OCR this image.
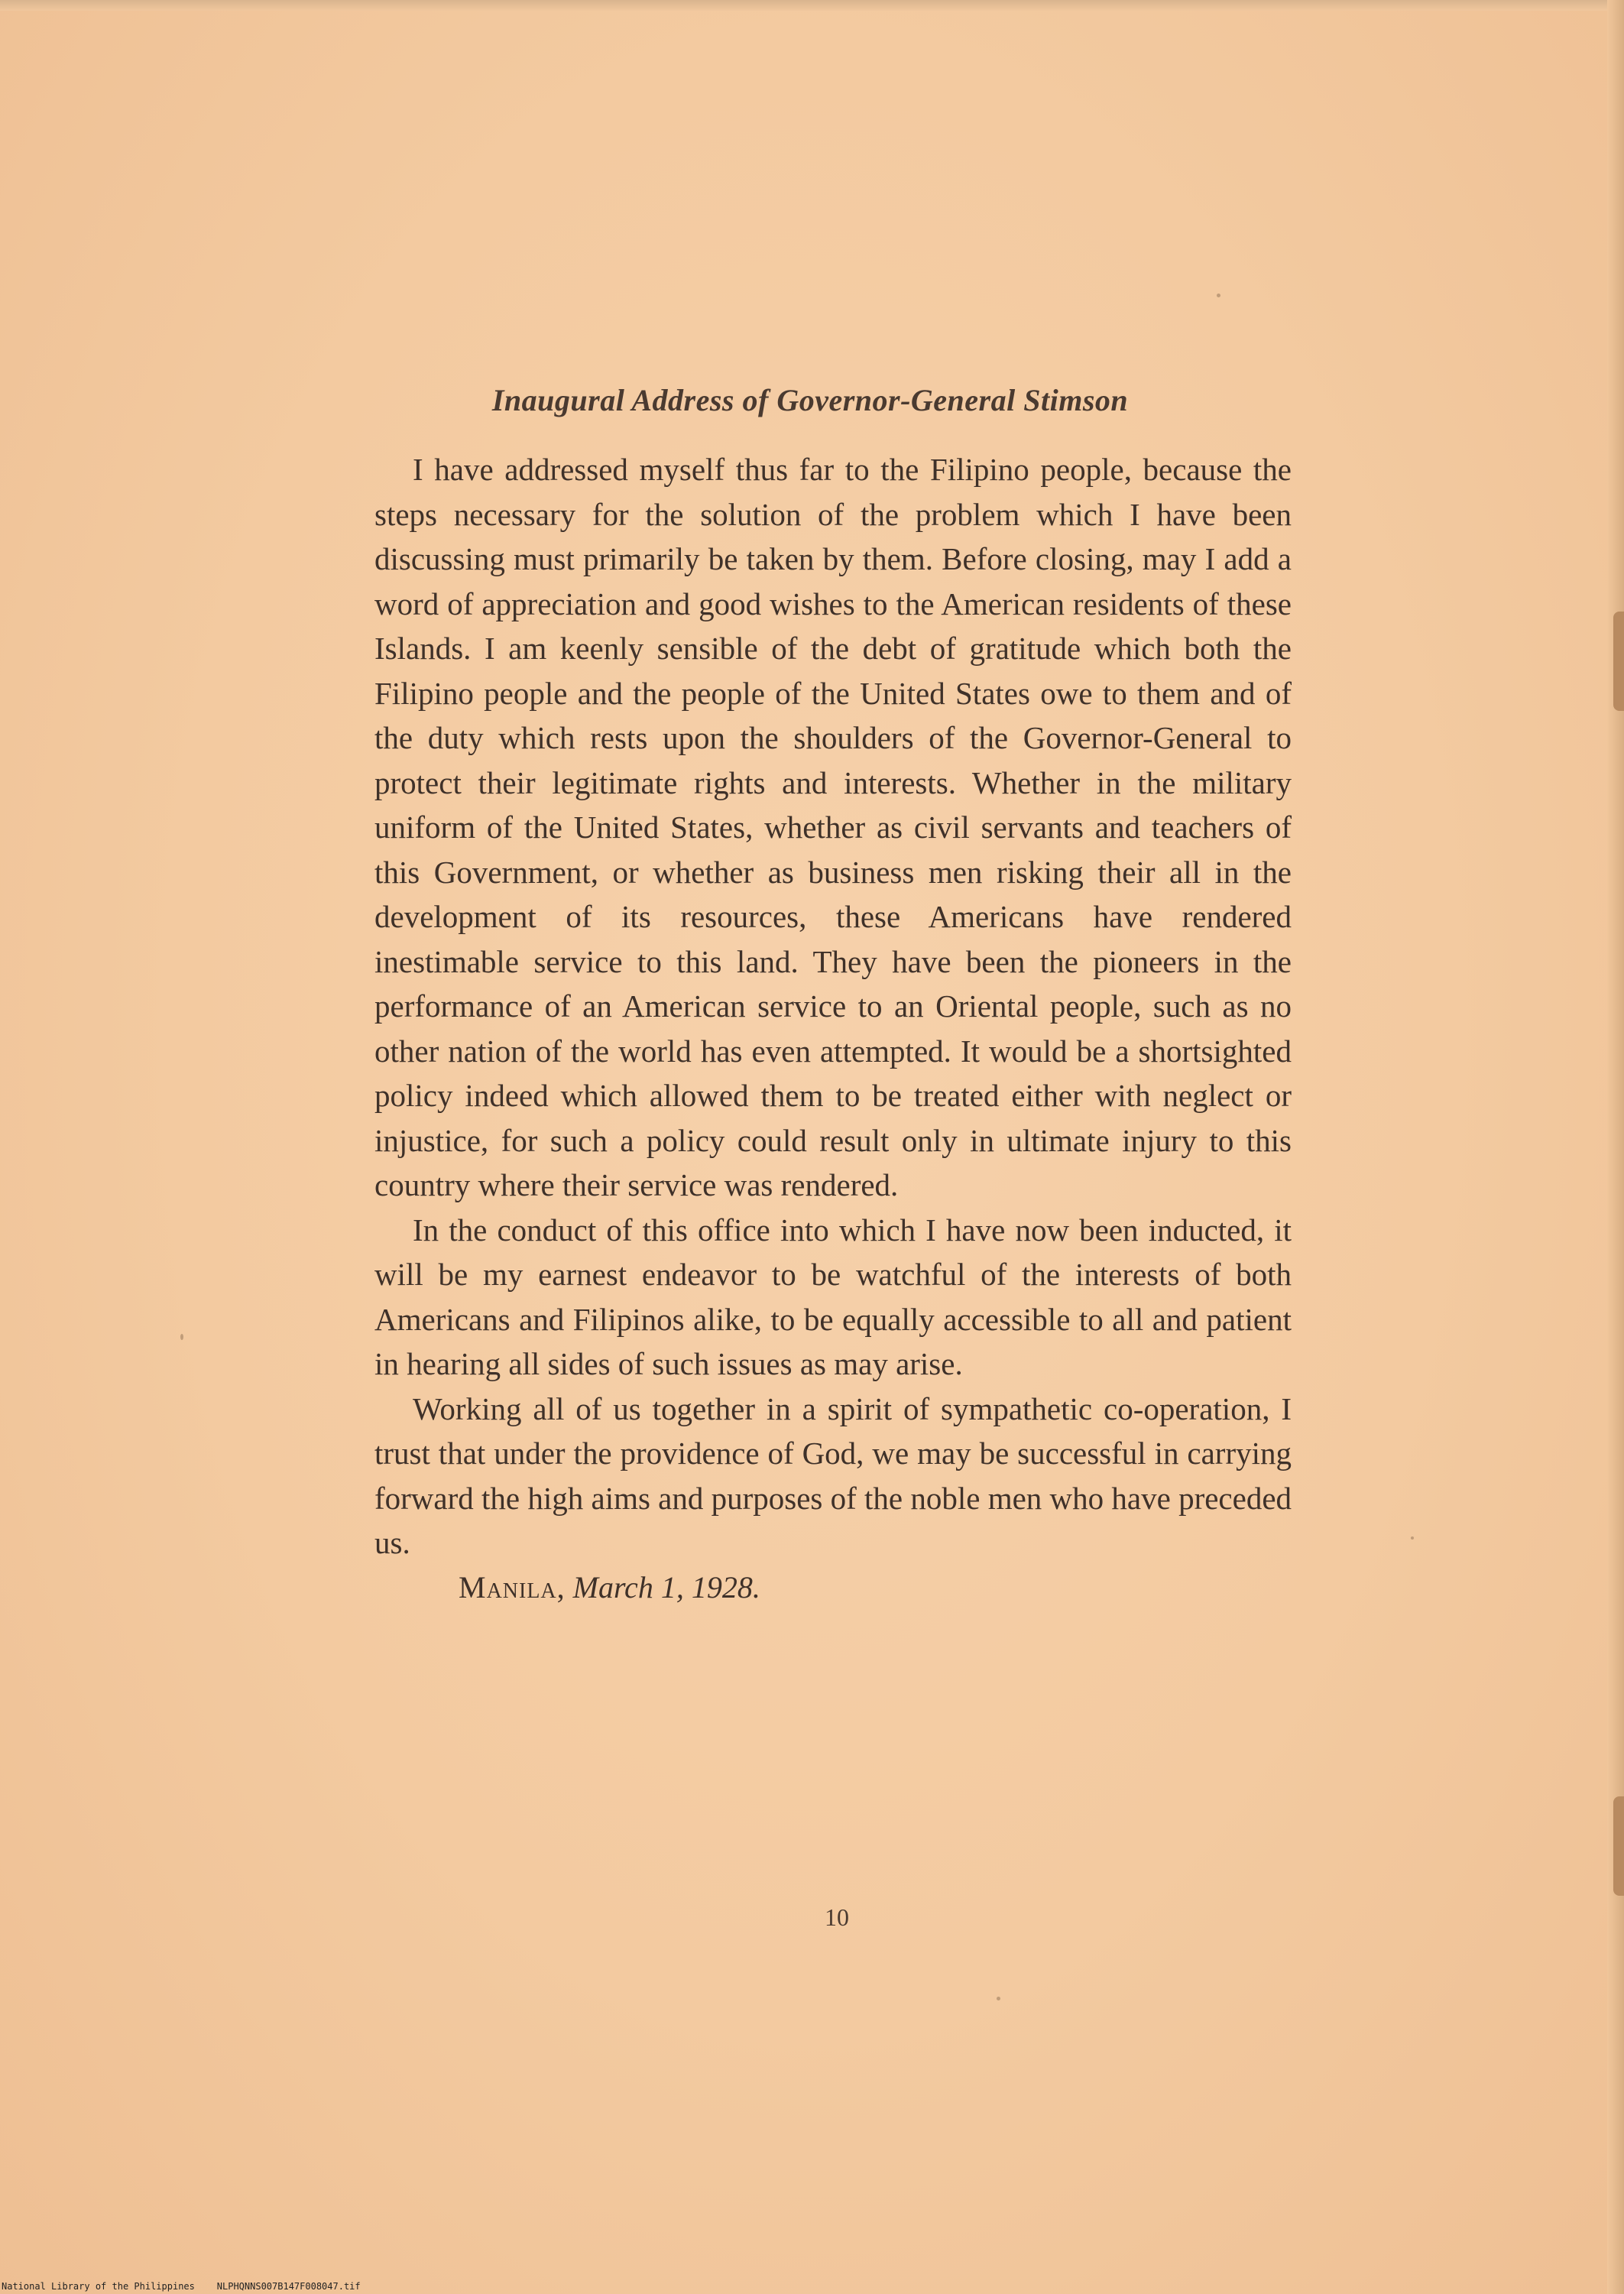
Inaugural Address of Governor-General Stimson

I have addressed myself thus far to the Filipino people, because the steps necessary for the solution of the problem which I have been discussing must primarily be taken by them. Before closing, may I add a word of appreciation and good wishes to the American residents of these Islands. I am keenly sensible of the debt of gratitude which both the Filipino people and the people of the United States owe to them and of the duty which rests upon the shoulders of the Governor-General to protect their legitimate rights and interests. Whether in the military uniform of the United States, whether as civil servants and teachers of this Government, or whether as business men risking their all in the development of its resources, these Americans have rendered inestimable service to this land. They have been the pioneers in the performance of an American service to an Oriental people, such as no other nation of the world has even attempted. It would be a shortsighted policy indeed which allowed them to be treated either with neglect or injustice, for such a policy could result only in ultimate injury to this country where their service was rendered.

In the conduct of this office into which I have now been inducted, it will be my earnest endeavor to be watchful of the interests of both Americans and Filipinos alike, to be equally accessible to all and patient in hearing all sides of such issues as may arise.

Working all of us together in a spirit of sympathetic co-operation, I trust that under the providence of God, we may be successful in carrying forward the high aims and purposes of the noble men who have preceded us.

Manila, March 1, 1928.

10

National Library of the Philippines NLPHQNNS007B147F008047.tif
